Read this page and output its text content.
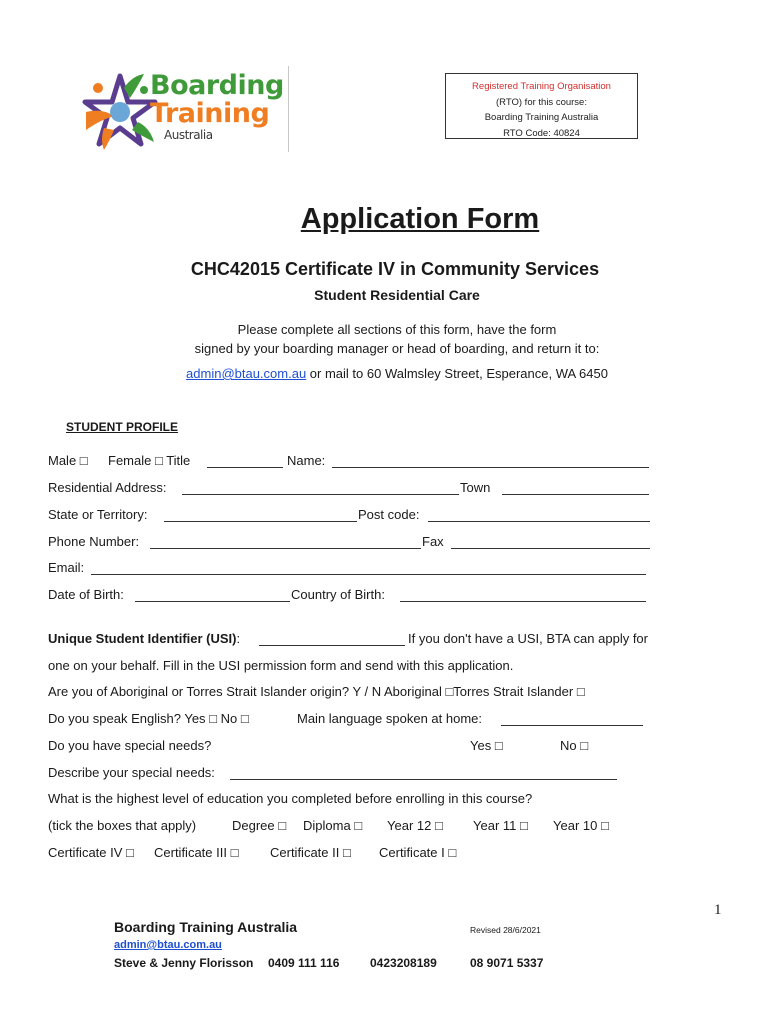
Boarding
Training
Australia
Registered Training Organisation
(RTO) for this course:
Boarding Training Australia
RTO Code: 40824
Application Form
CHC42015 Certificate IV in Community Services
Student Residential Care
Please complete all sections of this form, have the form
signed by your boarding manager or head of boarding, and return it to:
admin@btau.com.au or mail to 60 Walmsley Street, Esperance, WA 6450
STUDENT PROFILE
Male □ Female □ Title	Name:
Residential Address:	Town
State or Territory:	Post code:
Phone Number:	Fax
Email:
Date of Birth:	Country of Birth:
Unique Student Identifier (USI):	If you don't have a USI, BTA can apply for
one on your behalf. Fill in the USI permission form and send with this application.
Are you of Aboriginal or Torres Strait Islander origin? Y / N Aboriginal □Torres Strait Islander □
Do you speak English? Yes □ No □	Main language spoken at home:
Do you have special needs?	Yes □	No □
Describe your special needs:
What is the highest level of education you completed before enrolling in this course?
(tick the boxes that apply)	Degree □ Diploma □ Year 12 □ Year 11 □ Year 10 □
Certificate IV □ Certificate III □ Certificate II □ Certificate I □
1
Boarding Training Australia	Revised 28/6/2021
admin@btau.com.au
Steve & Jenny Florisson 0409 111 116	0423208189	08 9071 5337
